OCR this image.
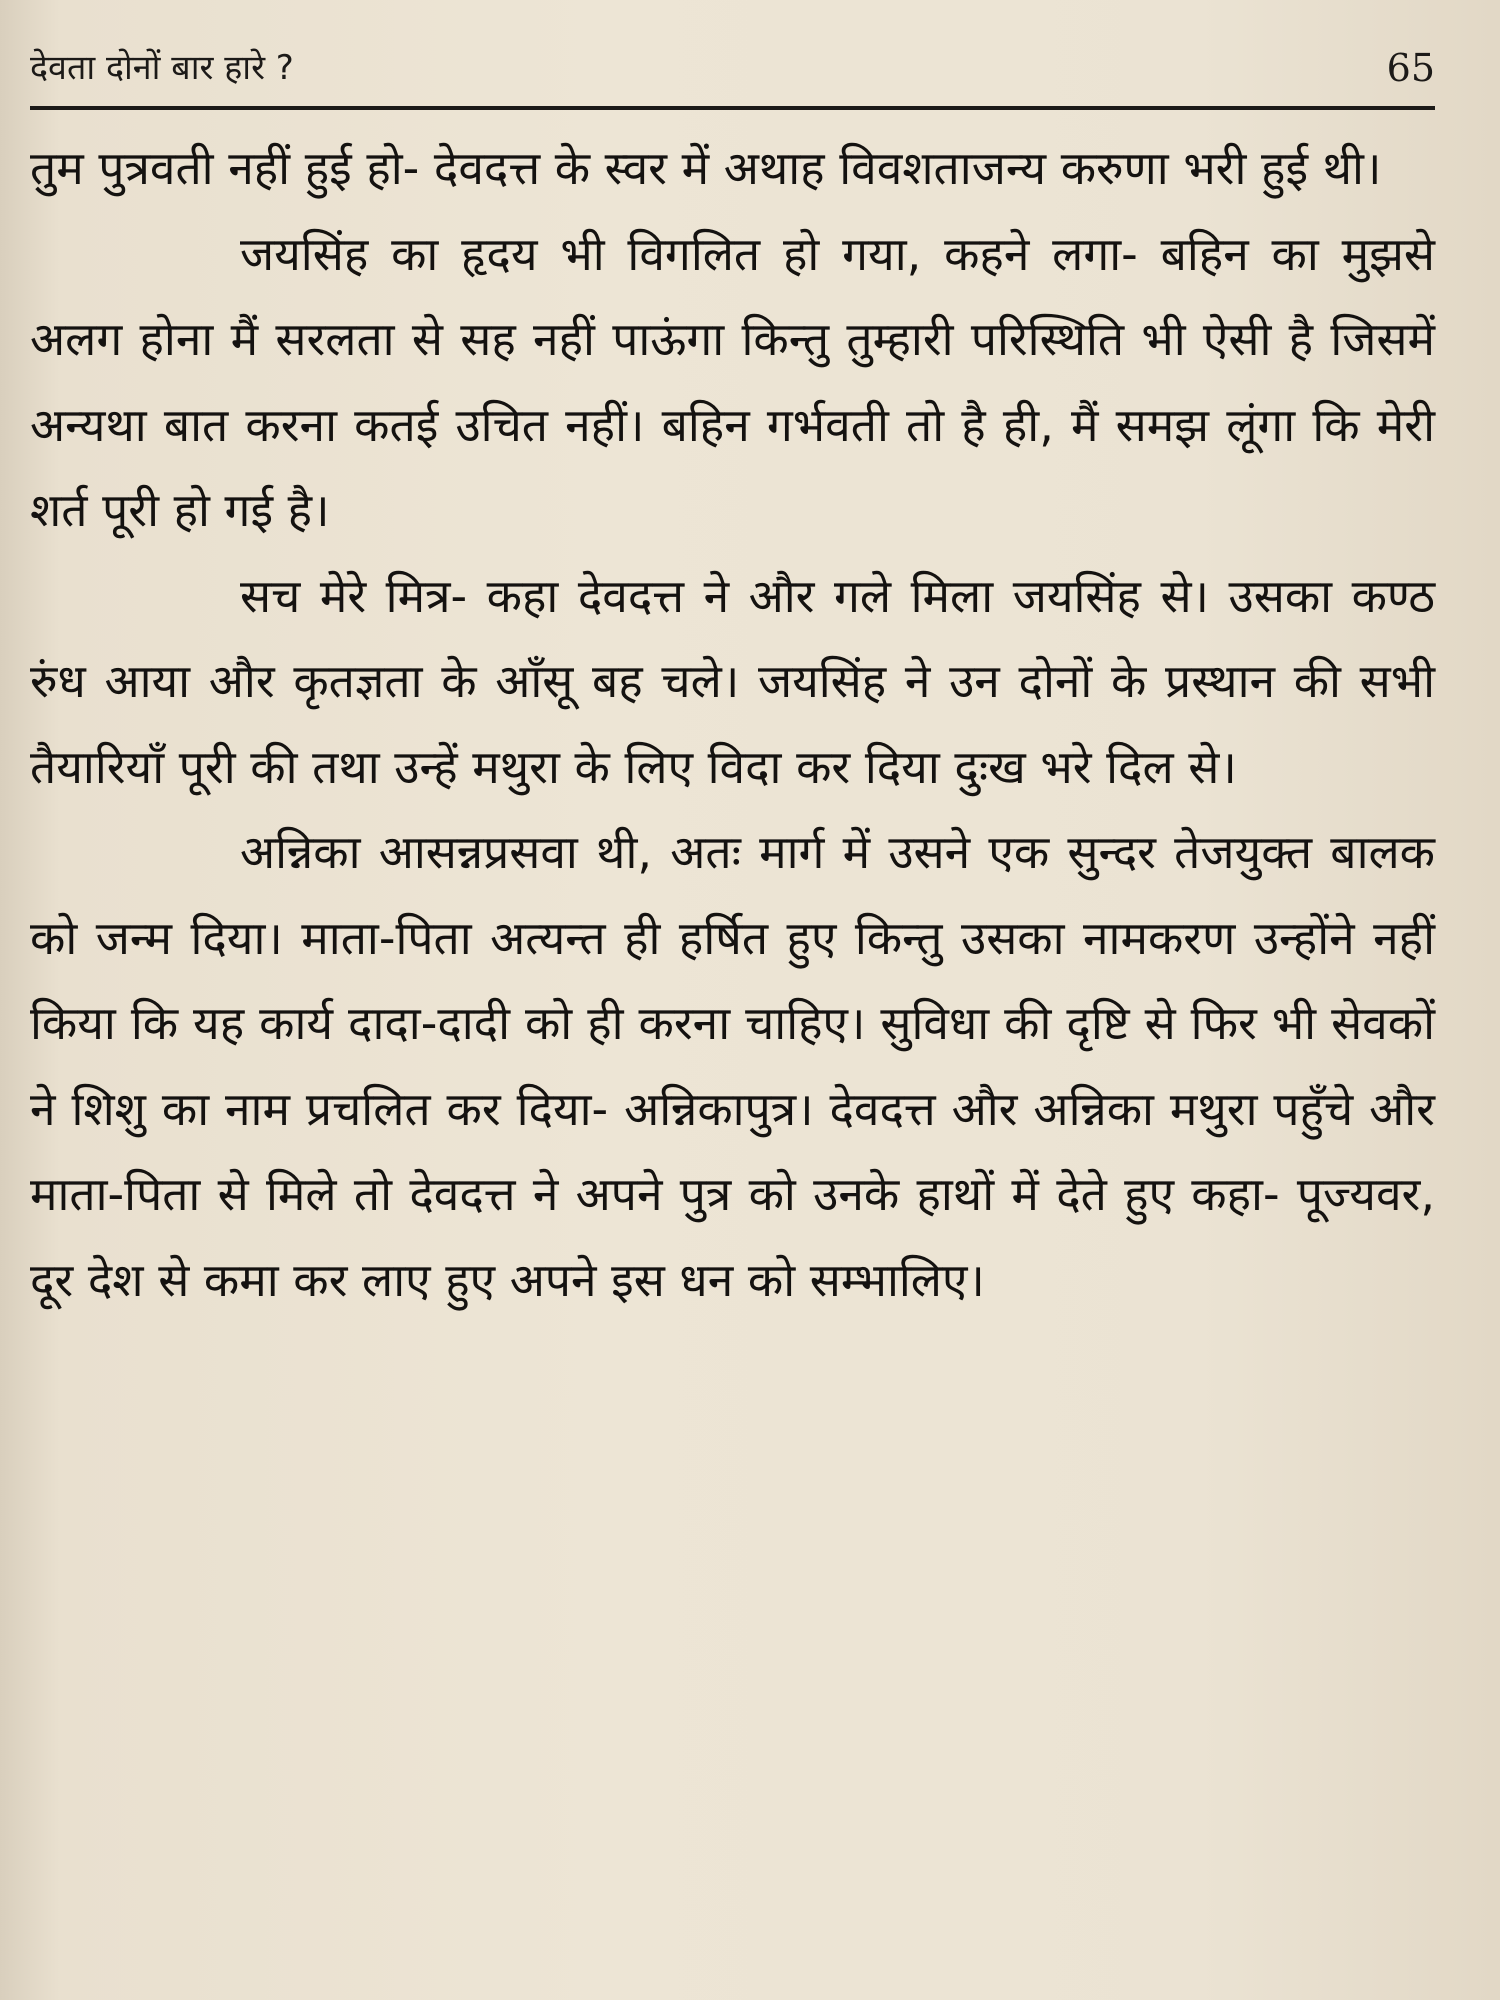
देवता दोनों बार हारे ?	65

तुम पुत्रवती नहीं हुई हो- देवदत्त के स्वर में अथाह विवशताजन्य करुणा भरी हुई थी।

जयसिंह का हृदय भी विगलित हो गया, कहने लगा- बहिन का मुझसे अलग होना मैं सरलता से सह नहीं पाऊंगा किन्तु तुम्हारी परिस्थिति भी ऐसी है जिसमें अन्यथा बात करना कतई उचित नहीं। बहिन गर्भवती तो है ही, मैं समझ लूंगा कि मेरी शर्त पूरी हो गई है।

सच मेरे मित्र- कहा देवदत्त ने और गले मिला जयसिंह से। उसका कण्ठ रुंध आया और कृतज्ञता के आँसू बह चले। जयसिंह ने उन दोनों के प्रस्थान की सभी तैयारियाँ पूरी की तथा उन्हें मथुरा के लिए विदा कर दिया दुःख भरे दिल से।

अन्निका आसन्नप्रसवा थी, अतः मार्ग में उसने एक सुन्दर तेजयुक्त बालक को जन्म दिया। माता-पिता अत्यन्त ही हर्षित हुए किन्तु उसका नामकरण उन्होंने नहीं किया कि यह कार्य दादा-दादी को ही करना चाहिए। सुविधा की दृष्टि से फिर भी सेवकों ने शिशु का नाम प्रचलित कर दिया- अन्निकापुत्र। देवदत्त और अन्निका मथुरा पहुँचे और माता-पिता से मिले तो देवदत्त ने अपने पुत्र को उनके हाथों में देते हुए कहा- पूज्यवर, दूर देश से कमा कर लाए हुए अपने इस धन को सम्भालिए।
